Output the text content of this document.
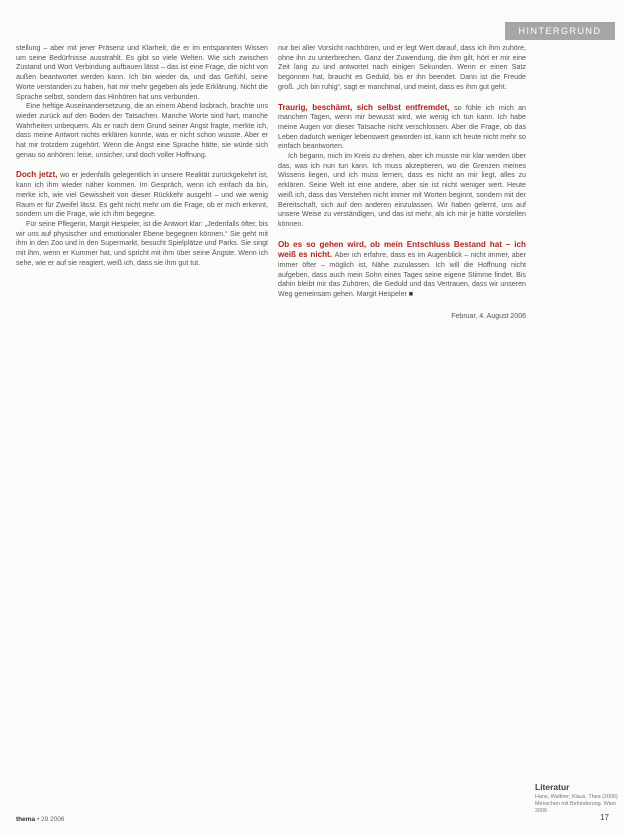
HINTERGRUND

stellung – aber mit jener Präsenz und Klarheit, die er im entspannten Wissen um seine Bedürfnisse ausstrahlt. Es gibt so viele Welten. Wie sich zwischen Zustand und Wort Verbindung aufbauen lässt – das ist eine Frage, die nicht von außen beantwortet werden kann. Ich bin wieder da, und das Gefühl, seine Worte verstanden zu haben, hat mir mehr gegeben als jede Erklärung. Nicht die Sprache selbst, sondern das Hinhören hat uns verbunden.

Eine heftige Auseinandersetzung, die an einem Abend losbrach, brachte uns wieder zurück auf den Boden der Tatsachen. Manche Worte sind hart, manche Wahrheiten unbequem. Als er nach dem Grund seiner Angst fragte, merkte ich, dass meine Antwort nichts erklären konnte, was er nicht schon wusste. Aber er hat mir trotzdem zugehört. Wenn die Angst eine Sprache hätte, sie würde sich genau so anhören: leise, unsicher, und doch voller Hoffnung.

Doch jetzt, wo er jedenfalls gelegentlich in unsere Realität zurückgekehrt ist, kann ich ihm wieder näher kommen. Im Gespräch, wenn ich einfach da bin, merke ich, wie viel Gewissheit von dieser Rückkehr ausgeht – und wie wenig Raum er für Zweifel lässt. Es geht nicht mehr um die Frage, ob er mich erkennt, sondern um die Frage, wie ich ihm begegne.

Für seine Pflegerin, Margit Hespeler, ist die Antwort klar: „Jedenfalls öfter, bis wir uns auf physischer und emotionaler Ebene begegnen können.“ Sie geht mit ihm in den Zoo und in den Supermarkt, besucht Spielplätze und Parks. Sie singt mit ihm, wenn er Kummer hat, und spricht mit ihm über seine Ängste. Wenn ich sehe, wie er auf sie reagiert, weiß ich, dass sie ihm gut tut.

nur bei aller Vorsicht nachhören, und er legt Wert darauf, dass ich ihm zuhöre, ohne ihn zu unterbrechen. Ganz der Zuwendung, die ihm gilt, hört er mir eine Zeit lang zu und antwortet nach einigen Sekunden. Wenn er einen Satz begonnen hat, braucht es Geduld, bis er ihn beendet. Dann ist die Freude groß. „Ich bin ruhig“, sagt er manchmal, und meint, dass es ihm gut geht.

Traurig, beschämt, sich selbst entfremdet, so fühle ich mich an manchen Tagen, wenn mir bewusst wird, wie wenig ich tun kann. Ich habe meine Augen vor dieser Tatsache nicht verschlossen. Aber die Frage, ob das Leben dadurch weniger lebenswert geworden ist, kann ich heute nicht mehr so einfach beantworten.

Ich begann, mich im Kreis zu drehen, aber ich musste mir klar werden über das, was ich nun tun kann. Ich muss akzeptieren, wo die Grenzen meines Wissens liegen, und ich muss lernen, dass es nicht an mir liegt, alles zu erklären. Seine Welt ist eine andere, aber sie ist nicht weniger wert. Heute weiß ich, dass das Verstehen nicht immer mit Worten beginnt, sondern mit der Bereitschaft, sich auf den anderen einzulassen. Wir haben gelernt, uns auf unsere Weise zu verständigen, und das ist mehr, als ich mir je hätte vorstellen können.

Ob es so gehen wird, ob mein Entschluss Bestand hat – ich weiß es nicht. Aber ich erfahre, dass es im Augenblick – nicht immer, aber immer öfter – möglich ist, Nähe zuzulassen. Ich will die Hoffnung nicht aufgeben, dass auch mein Sohn eines Tages seine eigene Stimme findet. Bis dahin bleibt mir das Zuhören, die Geduld und das Vertrauen, dass wir unseren Weg gemeinsam gehen. Margit Hespeler ■

Februar, 4. August 2006
Literatur
Hans, Walther; Klaus, Thea (2006) Menschen mit Behinderung. Wien 2006
thema • 29 2006	17
